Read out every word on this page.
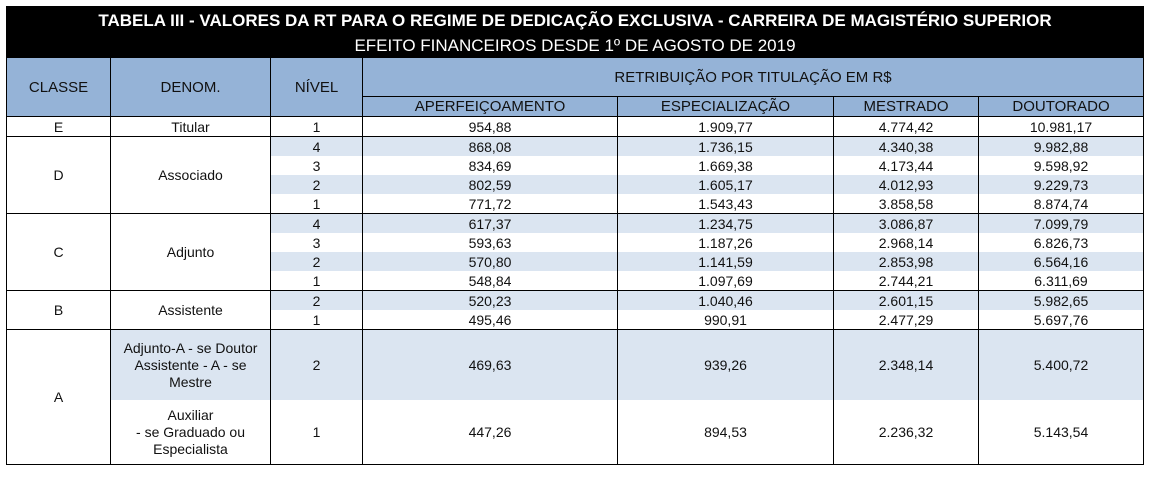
TABELA III - VALORES DA RT PARA O REGIME DE DEDICAÇÃO EXCLUSIVA - CARREIRA DE MAGISTÉRIO SUPERIOR						
EFEITO FINANCEIROS DESDE 1º DE AGOSTO DE 2019						
CLASSE	DENOM.	NÍVEL	RETRIBUIÇÃO POR TITULAÇÃO EM R$			
			APERFEIÇOAMENTO	ESPECIALIZAÇÃO	MESTRADO	DOUTORADO
E	Titular	1	954,88	1.909,77	4.774,42	10.981,17
D	Associado	4	868,08	1.736,15	4.340,38	9.982,88
		3	834,69	1.669,38	4.173,44	9.598,92
		2	802,59	1.605,17	4.012,93	9.229,73
		1	771,72	1.543,43	3.858,58	8.874,74
C	Adjunto	4	617,37	1.234,75	3.086,87	7.099,79
		3	593,63	1.187,26	2.968,14	6.826,73
		2	570,80	1.141,59	2.853,98	6.564,16
		1	548,84	1.097,69	2.744,21	6.311,69
B	Assistente	2	520,23	1.040,46	2.601,15	5.982,65
		1	495,46	990,91	2.477,29	5.697,76
A	Adjunto-A - se Doutor
Assistente - A - se
Mestre	2	469,63	939,26	2.348,14	5.400,72

	Auxiliar
- se Graduado ou
Especialista	1	447,26	894,53	2.236,32	5.143,54
